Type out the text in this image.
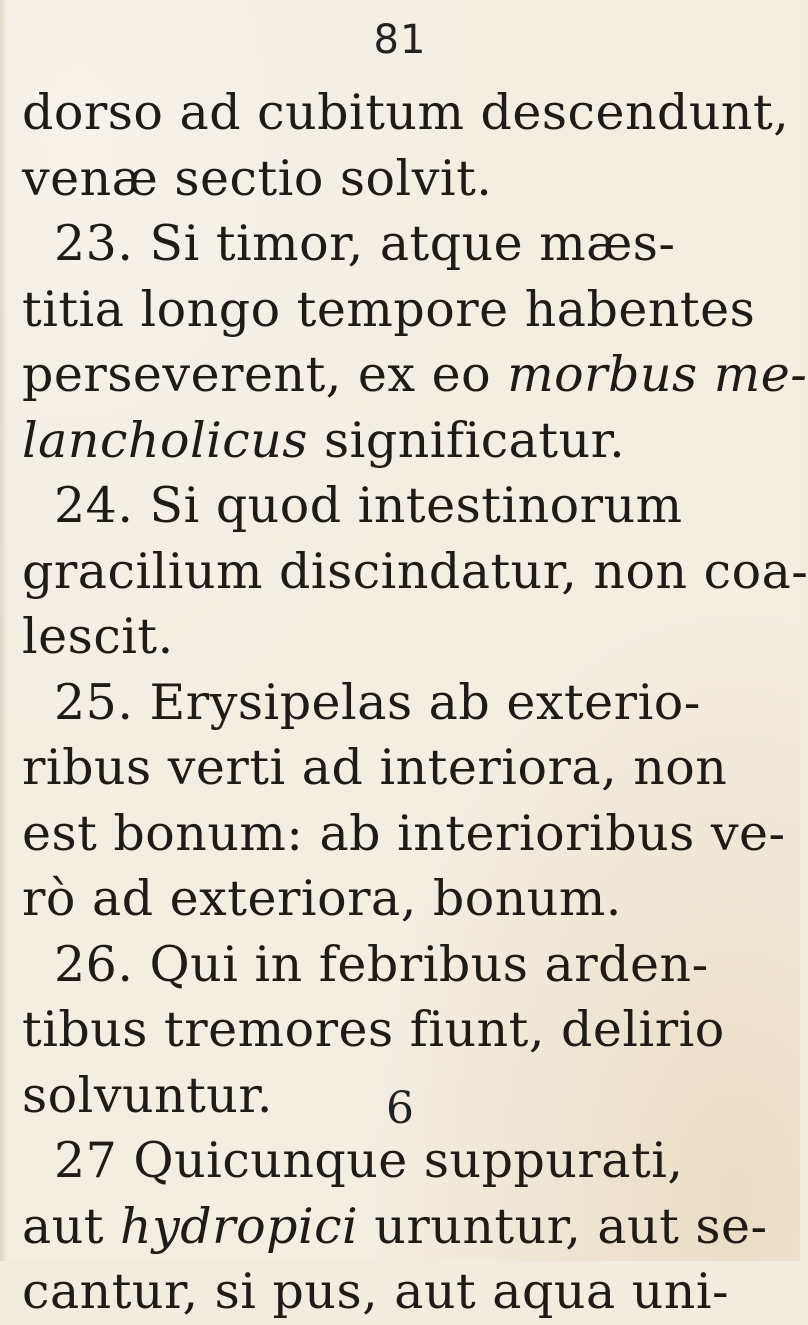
81
dorso ad cubitum descendunt,
venæ sectio solvit.
23. Si timor, atque mæs-
titia longo tempore habentes
perseverent, ex eo morbus me-
lancholicus significatur.
24. Si quod intestinorum
gracilium discindatur, non coa-
lescit.
25. Erysipelas ab exterio-
ribus verti ad interiora, non
est bonum: ab interioribus ve-
rò ad exteriora, bonum.
26. Qui in febribus arden-
tibus tremores fiunt, delirio
solvuntur.
27 Quicunque suppurati,
aut hydropici uruntur, aut se-
cantur, si pus, aut aqua uni-
6
